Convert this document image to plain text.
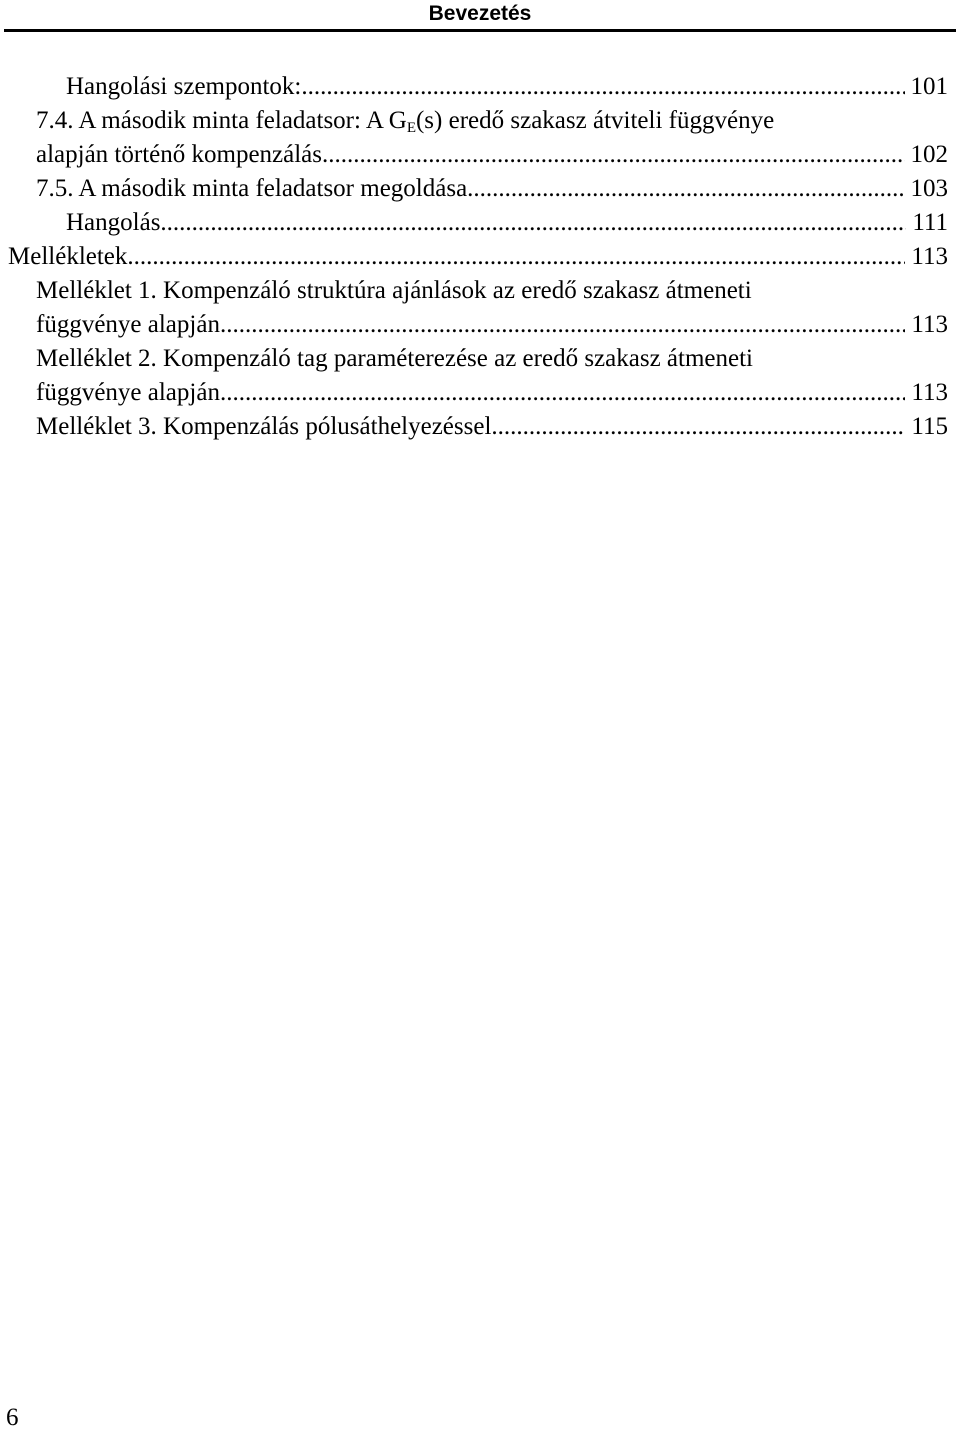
Bevezetés
Hangolási szempontok: .....	101
7.4. A második minta feladatsor: A GE(s) eredő szakasz átviteli függvénye
alapján történő kompenzálás .....	102
7.5. A második minta feladatsor megoldása .....	103
Hangolás .....	111
Mellékletek .....	113
Melléklet 1. Kompenzáló struktúra ajánlások az eredő szakasz átmeneti
függvénye alapján .....	113
Melléklet 2. Kompenzáló tag paraméterezése az eredő szakasz átmeneti
függvénye alapján .....	113
Melléklet 3. Kompenzálás pólusáthelyezéssel .....	115
6
